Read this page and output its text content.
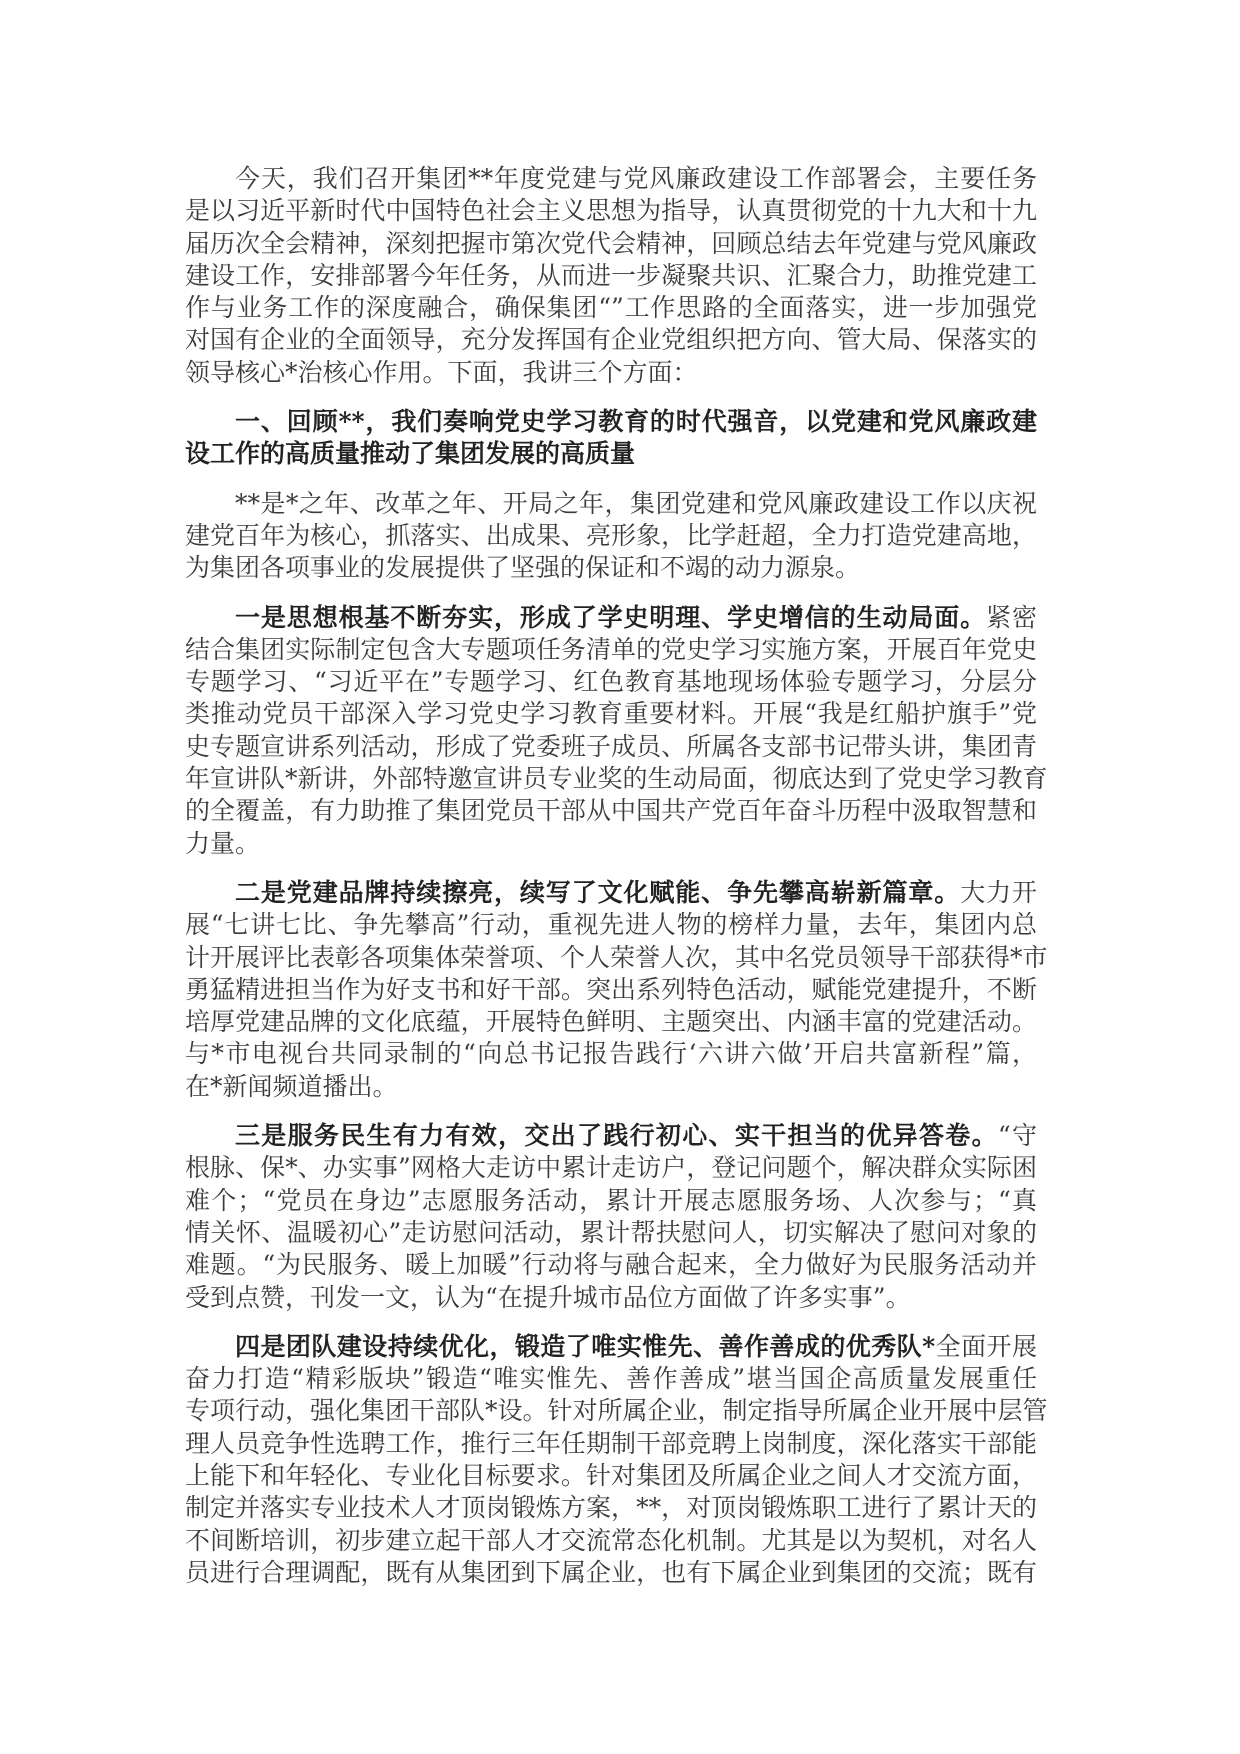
今天，我们召开集团**年度党建与党风廉政建设工作部署会，主要任务
是以习近平新时代中国特色社会主义思想为指导，认真贯彻党的十九大和十九
届历次全会精神，深刻把握市第次党代会精神，回顾总结去年党建与党风廉政
建设工作，安排部署今年任务，从而进一步凝聚共识、汇聚合力，助推党建工
作与业务工作的深度融合，确保集团“”工作思路的全面落实，进一步加强党
对国有企业的全面领导，充分发挥国有企业党组织把方向、管大局、保落实的
领导核心*治核心作用。下面，我讲三个方面：
一、回顾**，我们奏响党史学习教育的时代强音，以党建和党风廉政建
设工作的高质量推动了集团发展的高质量
**是*之年、改革之年、开局之年，集团党建和党风廉政建设工作以庆祝
建党百年为核心，抓落实、出成果、亮形象，比学赶超，全力打造党建高地，
为集团各项事业的发展提供了坚强的保证和不竭的动力源泉。
一是思想根基不断夯实，形成了学史明理、学史增信的生动局面。紧密
结合集团实际制定包含大专题项任务清单的党史学习实施方案，开展百年党史
专题学习、“习近平在”专题学习、红色教育基地现场体验专题学习，分层分
类推动党员干部深入学习党史学习教育重要材料。开展“我是红船护旗手”党
史专题宣讲系列活动，形成了党委班子成员、所属各支部书记带头讲，集团青
年宣讲队*新讲，外部特邀宣讲员专业奖的生动局面，彻底达到了党史学习教育
的全覆盖，有力助推了集团党员干部从中国共产党百年奋斗历程中汲取智慧和
力量。
二是党建品牌持续擦亮，续写了文化赋能、争先攀高崭新篇章。大力开
展“七讲七比、争先攀高”行动，重视先进人物的榜样力量，去年，集团内总
计开展评比表彰各项集体荣誉项、个人荣誉人次，其中名党员领导干部获得*市
勇猛精进担当作为好支书和好干部。突出系列特色活动，赋能党建提升，不断
培厚党建品牌的文化底蕴，开展特色鲜明、主题突出、内涵丰富的党建活动。
与*市电视台共同录制的“向总书记报告践行‘六讲六做’开启共富新程”篇，
在*新闻频道播出。
三是服务民生有力有效，交出了践行初心、实干担当的优异答卷。“守
根脉、保*、办实事”网格大走访中累计走访户，登记问题个，解决群众实际困
难个；“党员在身边”志愿服务活动，累计开展志愿服务场、人次参与；“真
情关怀、温暖初心”走访慰问活动，累计帮扶慰问人，切实解决了慰问对象的
难题。“为民服务、暖上加暖”行动将与融合起来，全力做好为民服务活动并
受到点赞，刊发一文，认为“在提升城市品位方面做了许多实事”。
四是团队建设持续优化，锻造了唯实惟先、善作善成的优秀队*全面开展
奋力打造“精彩版块”锻造“唯实惟先、善作善成”堪当国企高质量发展重任
专项行动，强化集团干部队*设。针对所属企业，制定指导所属企业开展中层管
理人员竞争性选聘工作，推行三年任期制干部竞聘上岗制度，深化落实干部能
上能下和年轻化、专业化目标要求。针对集团及所属企业之间人才交流方面，
制定并落实专业技术人才顶岗锻炼方案，**，对顶岗锻炼职工进行了累计天的
不间断培训，初步建立起干部人才交流常态化机制。尤其是以为契机，对名人
员进行合理调配，既有从集团到下属企业，也有下属企业到集团的交流；既有
